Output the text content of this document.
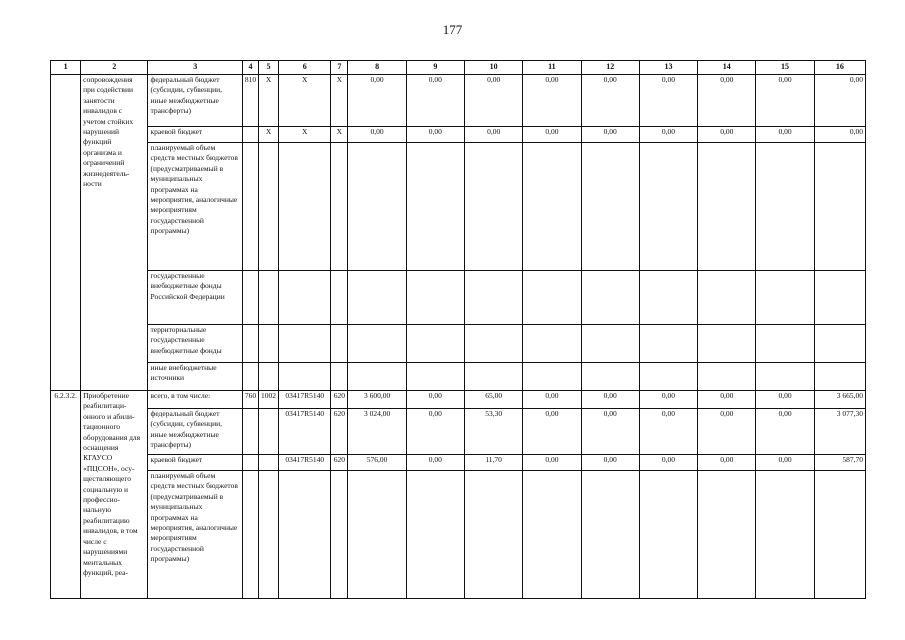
177
1	2	3	4	5	6	7	8	9	10	11	12	13	14	15	16
	сопровождения при содействии занятости инвалидов с учетом стойких нарушений функций организма и ограничений жизнедеятель-ности	федеральный бюджет (субсидии, субвенции, иные межбюджетные трансферты)	810	X	X	X	0,00	0,00	0,00	0,00	0,00	0,00	0,00	0,00	0,00
		краевой бюджет		X	X	X	0,00	0,00	0,00	0,00	0,00	0,00	0,00	0,00	0,00
		планируемый объем средств местных бюджетов (предусматриваемый в муниципальных программах на мероприятия, аналогичные мероприятиям государственной программы)													
		государственные внебюджетные фонды Российской Федерации													
		территориальные государственные внебюджетные фонды													
		иные внебюджетные источники													
6.2.3.2.	Приобретение реабилитаци-онного и абили-тационного оборудования для оснащения КГАУСО «ПЦСОН», осу-ществляющего социальную и профессио-нальную реабилитацию инвалидов, в том числе с нарушениями ментальных функций, реа-	всего, в том числе:	760	1002	03417R5140	620	3 600,00	0,00	65,00	0,00	0,00	0,00	0,00	0,00	3 665,00
		федеральный бюджет (субсидии, субвенции, иные межбюджетные трансферты)			03417R5140	620	3 024,00	0,00	53,30	0,00	0,00	0,00	0,00	0,00	3 077,30
		краевой бюджет			03417R5140	620	576,00	0,00	11,70	0,00	0,00	0,00	0,00	0,00	587,70
		планируемый объем средств местных бюджетов (предусматриваемый в муниципальных программах на мероприятия, аналогичные мероприятиям государственной программы)													
